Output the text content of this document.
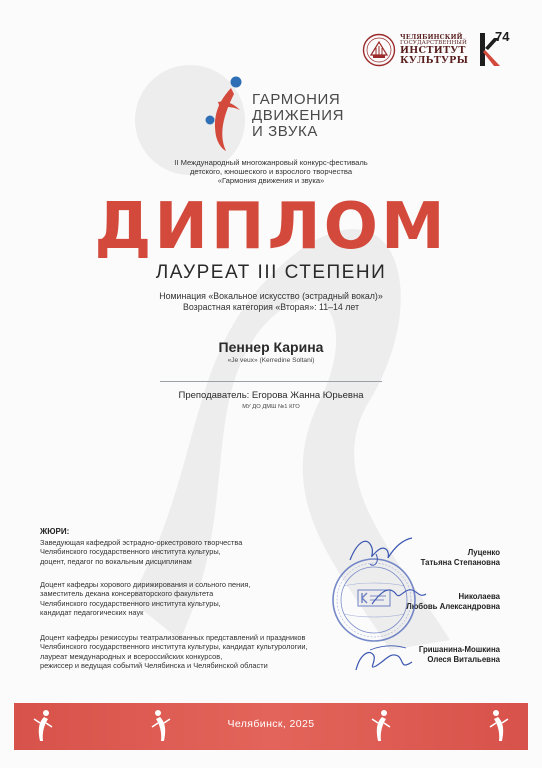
ЧЕЛЯБИНСКИЙ
ГОСУДАРСТВЕННЫЙ
ИНСТИТУТ
КУЛЬТУРЫ
74
ГАРМОНИЯ
ДВИЖЕНИЯ
И ЗВУКА
II Международный многожанровый конкурс-фестиваль
детского, юношеского и взрослого творчества
«Гармония движения и звука»
ДИПЛОМ
ЛАУРЕАТ III СТЕПЕНИ
Номинация «Вокальное искусство (эстрадный вокал)»
Возрастная категория «Вторая»: 11–14 лет
Пеннер Карина
«Je veux» (Kerredine Soltani)
Преподаватель: Егорова Жанна Юрьевна
МУ ДО ДМШ №1 КГО
ЖЮРИ:
Заведующая кафедрой эстрадно-оркестрового творчества
Челябинского государственного института культуры,
доцент, педагог по вокальным дисциплинам
Луценко
Татьяна Степановна
Доцент кафедры хорового дирижирования и сольного пения,
заместитель декана консерваторского факультета
Челябинского государственного института культуры,
кандидат педагогических наук
Николаева
Любовь Александровна
Доцент кафедры режиссуры театрализованных представлений и праздников
Челябинского государственного института культуры, кандидат культурологии,
лауреат международных и всероссийских конкурсов,
режиссер и ведущая событий Челябинска и Челябинской области
Гришанина-Мошкина
Олеся Витальевна
Челябинск, 2025
